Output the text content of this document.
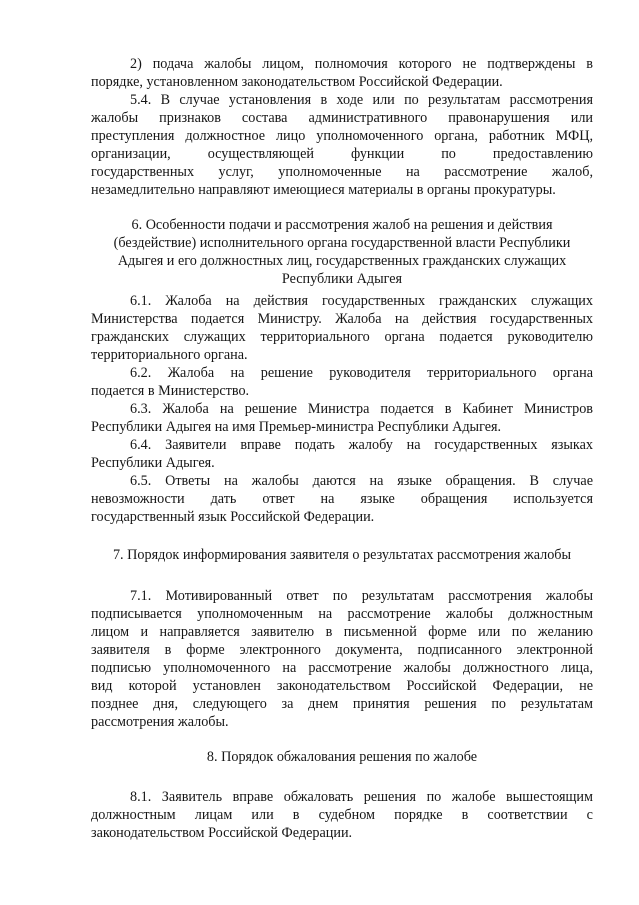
2) подача жалобы лицом, полномочия которого не подтверждены в
порядке, установленном законодательством Российской Федерации.
5.4. В случае установления в ходе или по результатам рассмотрения
жалобы признаков состава административного правонарушения или
преступления должностное лицо уполномоченного органа, работник МФЦ,
организации, осуществляющей функции по предоставлению
государственных услуг, уполномоченные на рассмотрение жалоб,
незамедлительно направляют имеющиеся материалы в органы прокуратуры.
6. Особенности подачи и рассмотрения жалоб на решения и действия
(бездействие) исполнительного органа государственной власти Республики
Адыгея и его должностных лиц, государственных гражданских служащих
Республики Адыгея
6.1. Жалоба на действия государственных гражданских служащих
Министерства подается Министру. Жалоба на действия государственных
гражданских служащих территориального органа подается руководителю
территориального органа.
6.2. Жалоба на решение руководителя территориального органа
подается в Министерство.
6.3. Жалоба на решение Министра подается в Кабинет Министров
Республики Адыгея на имя Премьер-министра Республики Адыгея.
6.4. Заявители вправе подать жалобу на государственных языках
Республики Адыгея.
6.5. Ответы на жалобы даются на языке обращения. В случае
невозможности дать ответ на языке обращения используется
государственный язык Российской Федерации.
7. Порядок информирования заявителя о результатах рассмотрения жалобы
7.1. Мотивированный ответ по результатам рассмотрения жалобы
подписывается уполномоченным на рассмотрение жалобы должностным
лицом и направляется заявителю в письменной форме или по желанию
заявителя в форме электронного документа, подписанного электронной
подписью уполномоченного на рассмотрение жалобы должностного лица,
вид которой установлен законодательством Российской Федерации, не
позднее дня, следующего за днем принятия решения по результатам
рассмотрения жалобы.
8. Порядок обжалования решения по жалобе
8.1. Заявитель вправе обжаловать решения по жалобе вышестоящим
должностным лицам или в судебном порядке в соответствии с
законодательством Российской Федерации.
